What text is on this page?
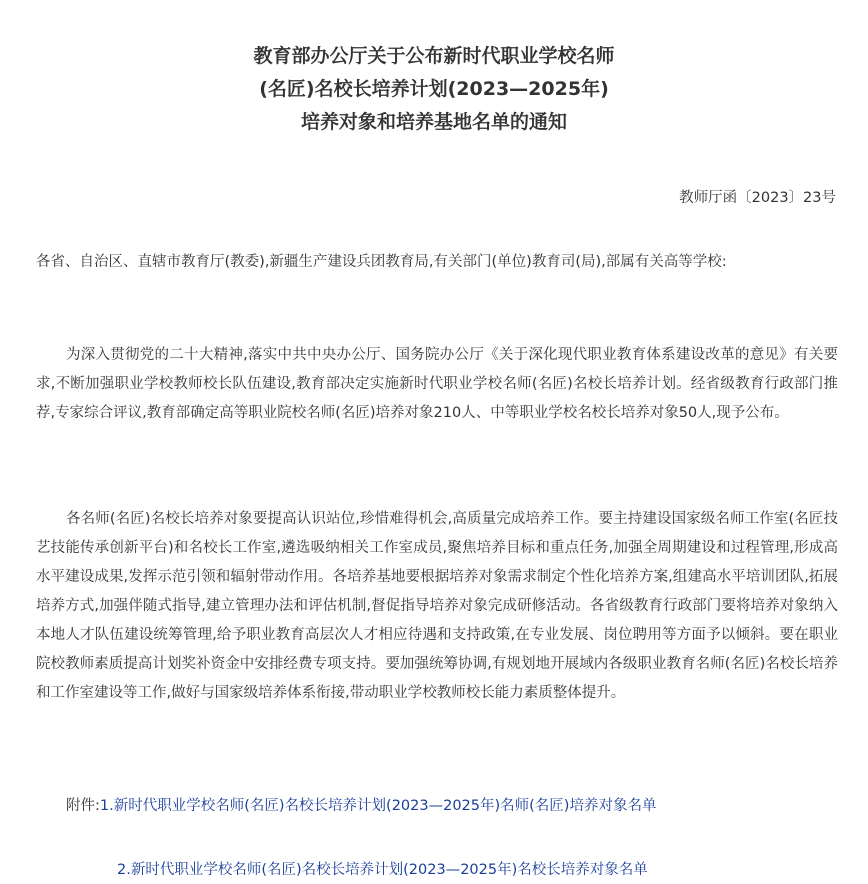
教育部办公厅关于公布新时代职业学校名师
(名匠)名校长培养计划(2023—2025年)
培养对象和培养基地名单的通知
教师厅函〔2023〕23号

各省、自治区、直辖市教育厅(教委),新疆生产建设兵团教育局,有关部门(单位)教育司(局),部属有关高等学校:

为深入贯彻党的二十大精神,落实中共中央办公厅、国务院办公厅《关于深化现代职业教育体系建设改革的意见》有关要求,不断加强职业学校教师校长队伍建设,教育部决定实施新时代职业学校名师(名匠)名校长培养计划。经省级教育行政部门推荐,专家综合评议,教育部确定高等职业院校名师(名匠)培养对象210人、中等职业学校名校长培养对象50人,现予公布。

各名师(名匠)名校长培养对象要提高认识站位,珍惜难得机会,高质量完成培养工作。要主持建设国家级名师工作室(名匠技艺技能传承创新平台)和名校长工作室,遴选吸纳相关工作室成员,聚焦培养目标和重点任务,加强全周期建设和过程管理,形成高水平建设成果,发挥示范引领和辐射带动作用。各培养基地要根据培养对象需求制定个性化培养方案,组建高水平培训团队,拓展培养方式,加强伴随式指导,建立管理办法和评估机制,督促指导培养对象完成研修活动。各省级教育行政部门要将培养对象纳入本地人才队伍建设统筹管理,给予职业教育高层次人才相应待遇和支持政策,在专业发展、岗位聘用等方面予以倾斜。要在职业院校教师素质提高计划奖补资金中安排经费专项支持。要加强统筹协调,有规划地开展域内各级职业教育名师(名匠)名校长培养和工作室建设等工作,做好与国家级培养体系衔接,带动职业学校教师校长能力素质整体提升。

附件:1.新时代职业学校名师(名匠)名校长培养计划(2023—2025年)名师(名匠)培养对象名单
2.新时代职业学校名师(名匠)名校长培养计划(2023—2025年)名校长培养对象名单
